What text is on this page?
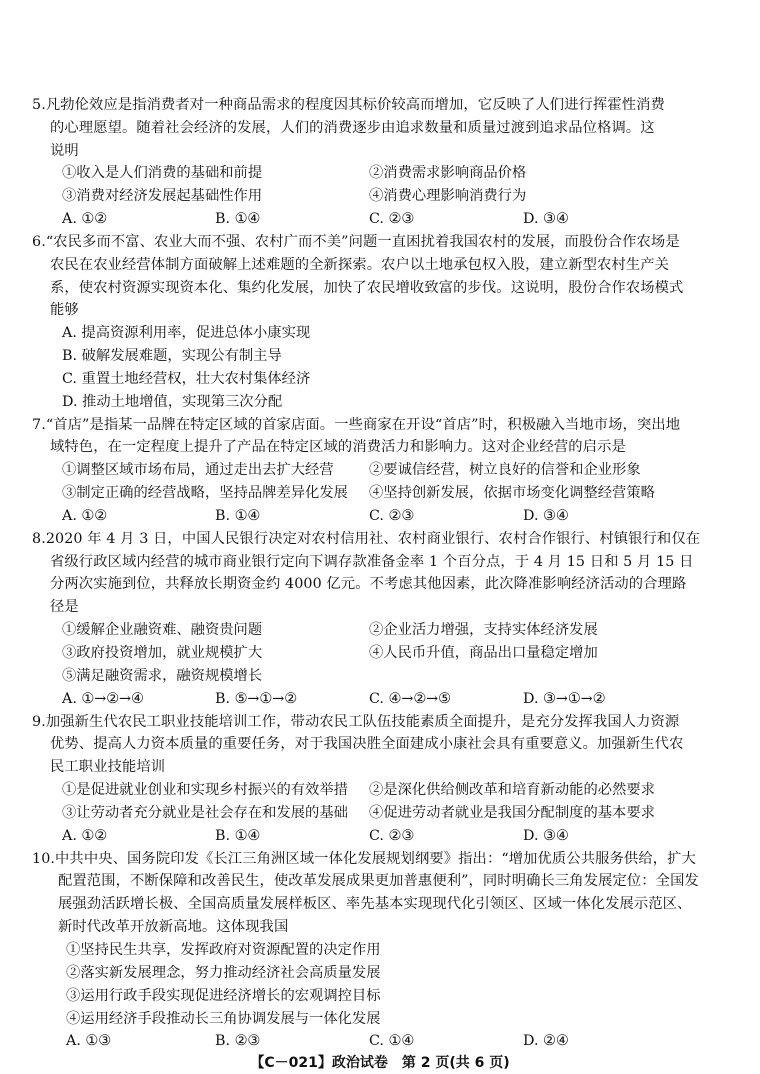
5.凡勃伦效应是指消费者对一种商品需求的程度因其标价较高而增加，它反映了人们进行挥霍性消费
的心理愿望。随着社会经济的发展，人们的消费逐步由追求数量和质量过渡到追求品位格调。这
说明
①收入是人们消费的基础和前提	②消费需求影响商品价格
③消费对经济发展起基础性作用	④消费心理影响消费行为
A. ①②	B. ①④	C. ②③	D. ③④
6.“农民多而不富、农业大而不强、农村广而不美”问题一直困扰着我国农村的发展，而股份合作农场是
农民在农业经营体制方面破解上述难题的全新探索。农户以土地承包权入股，建立新型农村生产关
系，使农村资源实现资本化、集约化发展，加快了农民增收致富的步伐。这说明，股份合作农场模式
能够
A. 提高资源利用率，促进总体小康实现
B. 破解发展难题，实现公有制主导
C. 重置土地经营权，壮大农村集体经济
D. 推动土地增值，实现第三次分配
7.“首店”是指某一品牌在特定区域的首家店面。一些商家在开设“首店”时，积极融入当地市场，突出地
域特色，在一定程度上提升了产品在特定区域的消费活力和影响力。这对企业经营的启示是
①调整区域市场布局，通过走出去扩大经营 ②要诚信经营，树立良好的信誉和企业形象
③制定正确的经营战略，坚持品牌差异化发展 ④坚持创新发展，依据市场变化调整经营策略
A. ①②	B. ①④	C. ②③	D. ③④
8.2020 年 4 月 3 日，中国人民银行决定对农村信用社、农村商业银行、农村合作银行、村镇银行和仅在
省级行政区域内经营的城市商业银行定向下调存款准备金率 1 个百分点，于 4 月 15 日和 5 月 15 日
分两次实施到位，共释放长期资金约 4000 亿元。不考虑其他因素，此次降准影响经济活动的合理路
径是
①缓解企业融资难、融资贵问题	②企业活力增强，支持实体经济发展
③政府投资增加，就业规模扩大	④人民币升值，商品出口量稳定增加
⑤满足融资需求，融资规模增长
A. ①→②→④	B. ⑤→①→②	C. ④→②→⑤	D. ③→①→②
9.加强新生代农民工职业技能培训工作，带动农民工队伍技能素质全面提升，是充分发挥我国人力资源
优势、提高人力资本质量的重要任务，对于我国决胜全面建成小康社会具有重要意义。加强新生代农
民工职业技能培训
①是促进就业创业和实现乡村振兴的有效举措 ②是深化供给侧改革和培育新动能的必然要求
③让劳动者充分就业是社会存在和发展的基础 ④促进劳动者就业是我国分配制度的基本要求
A. ①②	B. ①④	C. ②③	D. ③④
10.中共中央、国务院印发《长江三角洲区域一体化发展规划纲要》指出：“增加优质公共服务供给，扩大
配置范围，不断保障和改善民生，使改革发展成果更加普惠便利”，同时明确长三角发展定位：全国发
展强劲活跃增长极、全国高质量发展样板区、率先基本实现现代化引领区、区域一体化发展示范区、
新时代改革开放新高地。这体现我国
①坚持民生共享，发挥政府对资源配置的决定作用
②落实新发展理念，努力推动经济社会高质量发展
③运用行政手段实现促进经济增长的宏观调控目标
④运用经济手段推动长三角协调发展与一体化发展
A. ①③	B. ②③	C. ①④	D. ②④
【C－021】政治试卷　第 2 页(共 6 页)
